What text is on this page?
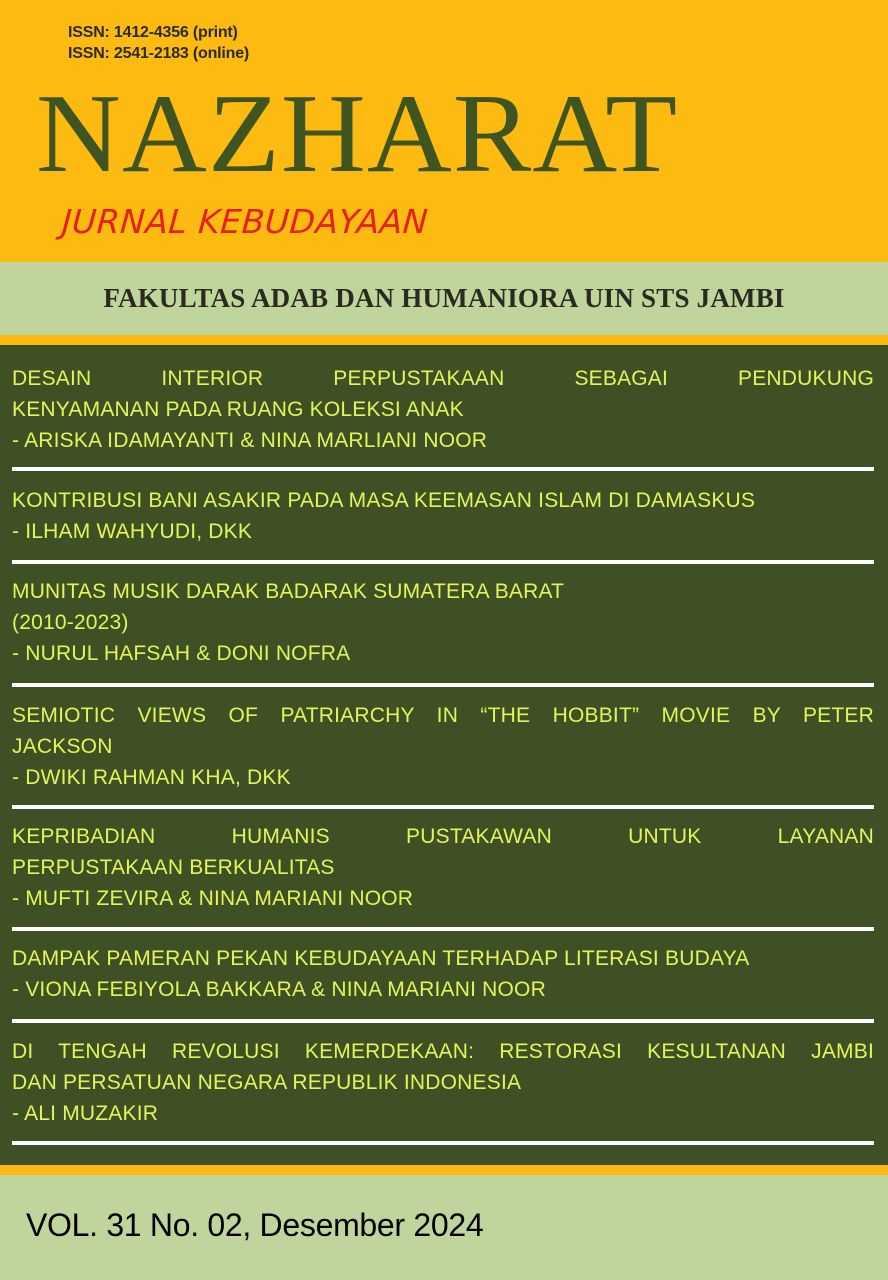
ISSN: 1412-4356 (print)
ISSN: 2541-2183 (online)
NAZHARAT
JURNAL KEBUDAYAAN
FAKULTAS ADAB DAN HUMANIORA UIN STS JAMBI
DESAIN INTERIOR PERPUSTAKAAN SEBAGAI PENDUKUNG
KENYAMANAN PADA RUANG KOLEKSI ANAK
- ARISKA IDAMAYANTI & NINA MARLIANI NOOR
KONTRIBUSI BANI ASAKIR PADA MASA KEEMASAN ISLAM DI DAMASKUS
- ILHAM WAHYUDI, DKK
MUNITAS MUSIK DARAK BADARAK SUMATERA BARAT
(2010-2023)
- NURUL HAFSAH & DONI NOFRA
SEMIOTIC VIEWS OF PATRIARCHY IN “THE HOBBIT” MOVIE BY PETER
JACKSON
- DWIKI RAHMAN KHA, DKK
KEPRIBADIAN HUMANIS PUSTAKAWAN UNTUK LAYANAN
PERPUSTAKAAN BERKUALITAS
- MUFTI ZEVIRA & NINA MARIANI NOOR
DAMPAK PAMERAN PEKAN KEBUDAYAAN TERHADAP LITERASI BUDAYA
- VIONA FEBIYOLA BAKKARA & NINA MARIANI NOOR
DI TENGAH REVOLUSI KEMERDEKAAN: RESTORASI KESULTANAN JAMBI
DAN PERSATUAN NEGARA REPUBLIK INDONESIA
- ALI MUZAKIR
VOL. 31 No. 02, Desember 2024
